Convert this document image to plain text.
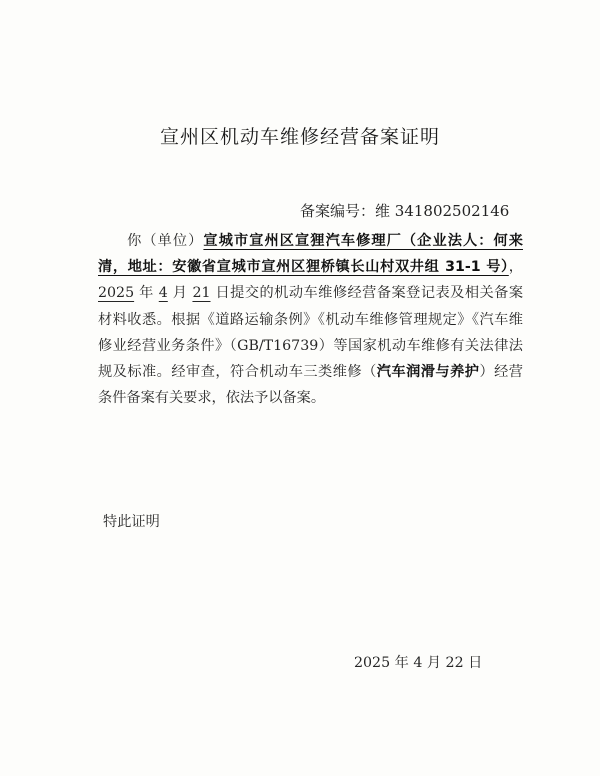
宣州区机动车维修经营备案证明
备案编号：维 341802502146
你（单位）宣城市宣州区宣狸汽车修理厂（企业法人：何来清，地址：安徽省宣城市宣州区狸桥镇长山村双井组 31-1 号），2025 年 4 月 21 日提交的机动车维修经营备案登记表及相关备案材料收悉。根据《道路运输条例》《机动车维修管理规定》《汽车维修业经营业务条件》（GB/T16739）等国家机动车维修有关法律法规及标准。经审查，符合机动车三类维修（汽车润滑与养护）经营条件备案有关要求，依法予以备案。
特此证明
2025 年 4 月 22 日
